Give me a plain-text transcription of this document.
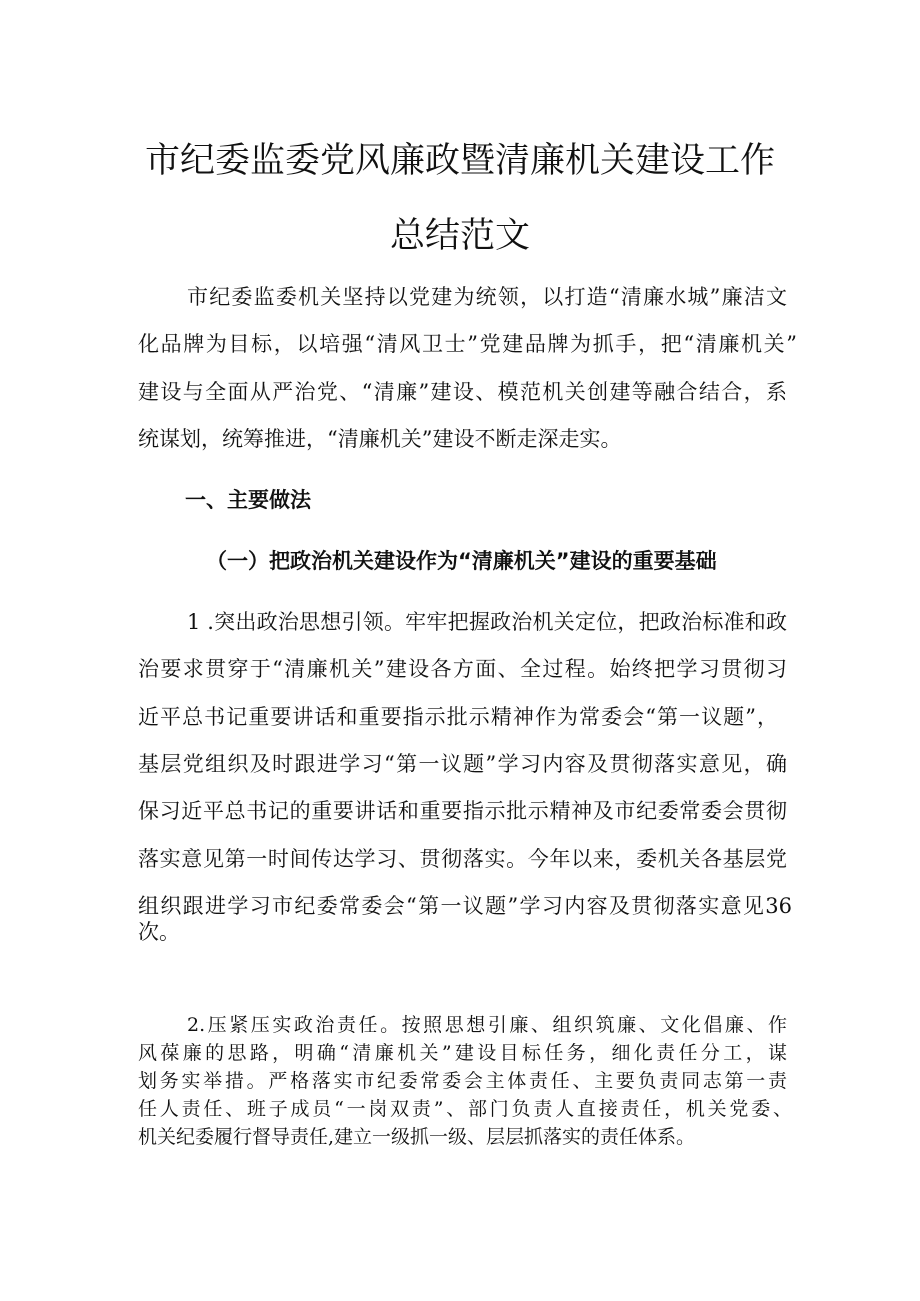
市纪委监委党风廉政暨清廉机关建设工作
总结范文
市纪委监委机关坚持以党建为统领，以打造“清廉水城”廉洁文
化品牌为目标，以培强“清风卫士”党建品牌为抓手，把“清廉机关”
建设与全面从严治党、“清廉”建设、模范机关创建等融合结合，系
统谋划，统筹推进，“清廉机关”建设不断走深走实。
一、主要做法
（一）把政治机关建设作为“清廉机关”建设的重要基础
1 .突出政治思想引领。牢牢把握政治机关定位，把政治标准和政
治要求贯穿于“清廉机关”建设各方面、全过程。始终把学习贯彻习
近平总书记重要讲话和重要指示批示精神作为常委会“第一议题”，
基层党组织及时跟进学习“第一议题”学习内容及贯彻落实意见，确
保习近平总书记的重要讲话和重要指示批示精神及市纪委常委会贯彻
落实意见第一时间传达学习、贯彻落实。今年以来，委机关各基层党
组织跟进学习市纪委常委会“第一议题”学习内容及贯彻落实意见36
次。
2.压紧压实政治责任。按照思想引廉、组织筑廉、文化倡廉、作
风葆廉的思路，明确“清廉机关”建设目标任务，细化责任分工，谋
划务实举措。严格落实市纪委常委会主体责任、主要负责同志第一责
任人责任、班子成员“一岗双责”、部门负责人直接责任，机关党委、
机关纪委履行督导责任,建立一级抓一级、层层抓落实的责任体系。
